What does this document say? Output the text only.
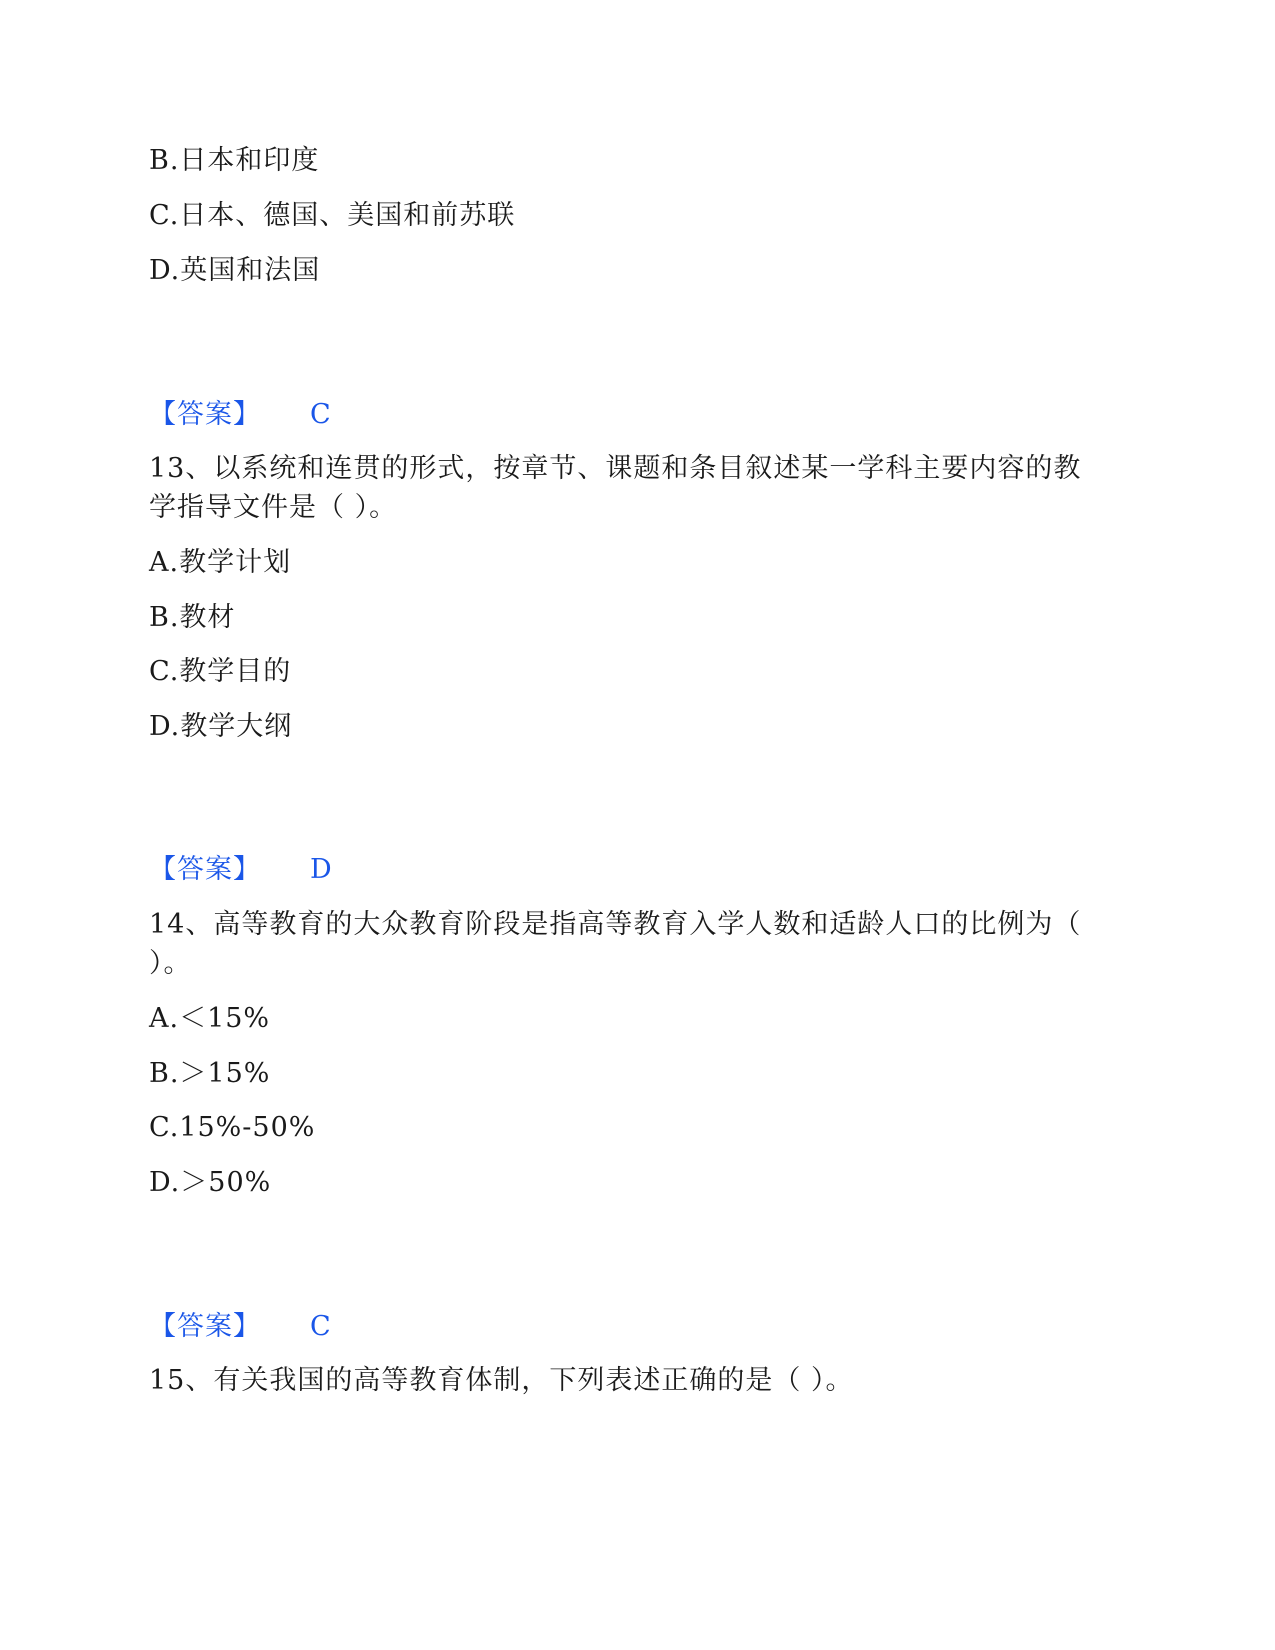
B.日本和印度
C.日本、德国、美国和前苏联
D.英国和法国
【答案】 C
13、以系统和连贯的形式，按章节、课题和条目叙述某一学科主要内容的教
学指导文件是（ ）。
A.教学计划
B.教材
C.教学目的
D.教学大纲
【答案】 D
14、高等教育的大众教育阶段是指高等教育入学人数和适龄人口的比例为（
）。
A.＜15%
B.＞15%
C.15%-50%
D.＞50%
【答案】 C
15、有关我国的高等教育体制，下列表述正确的是（ ）。
